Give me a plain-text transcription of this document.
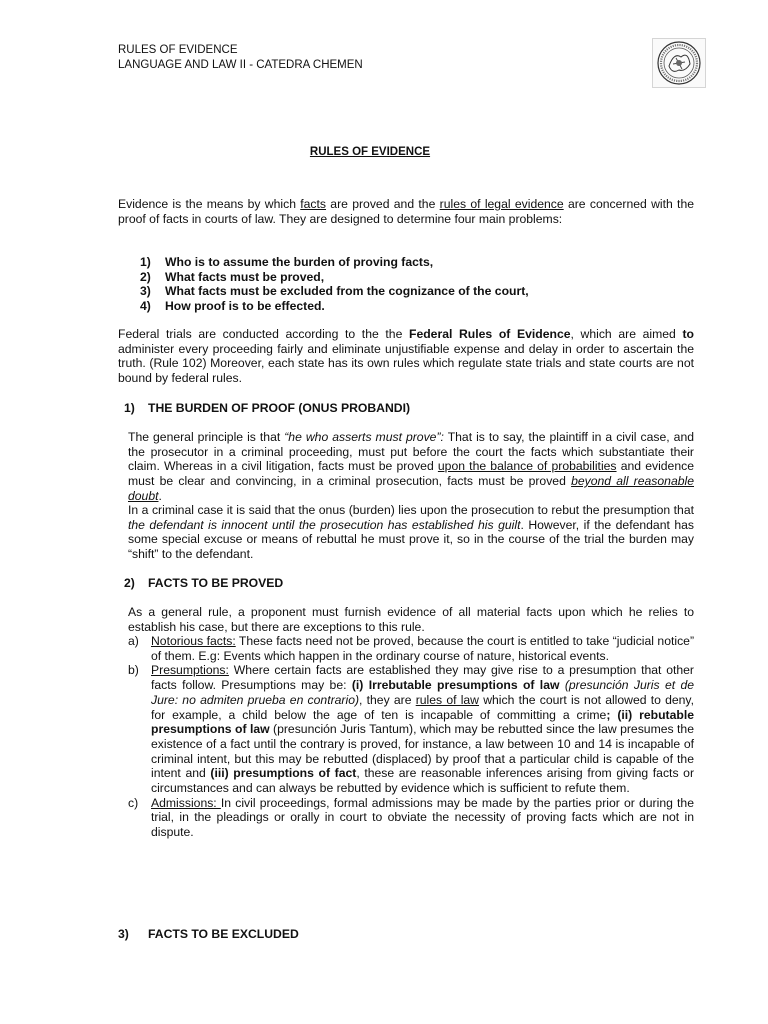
RULES OF EVIDENCE
LANGUAGE AND LAW II - CATEDRA CHEMEN
RULES OF EVIDENCE

Evidence is the means by which facts are proved and the rules of legal evidence are concerned with the proof of facts in courts of law. They are designed to determine four main problems:

1)	Who is to assume the burden of proving facts,
2)	What facts must be proved,
3)	What facts must be excluded from the cognizance of the court,
4)	How proof is to be effected.

Federal trials are conducted according to the the Federal Rules of Evidence, which are aimed to administer every proceeding fairly and eliminate unjustifiable expense and delay in order to ascertain the truth. (Rule 102) Moreover, each state has its own rules which regulate state trials and state courts are not bound by federal rules.

1) THE BURDEN OF PROOF (ONUS PROBANDI)

The general principle is that “he who asserts must prove”: That is to say, the plaintiff in a civil case, and the prosecutor in a criminal proceeding, must put before the court the facts which substantiate their claim. Whereas in a civil litigation, facts must be proved upon the balance of probabilities and evidence must be clear and convincing, in a criminal prosecution, facts must be proved beyond all reasonable doubt.

In a criminal case it is said that the onus (burden) lies upon the prosecution to rebut the presumption that the defendant is innocent until the prosecution has established his guilt. However, if the defendant has some special excuse or means of rebuttal he must prove it, so in the course of the trial the burden may “shift” to the defendant.

2) FACTS TO BE PROVED

As a general rule, a proponent must furnish evidence of all material facts upon which he relies to establish his case, but there are exceptions to this rule.

a) Notorious facts: These facts need not be proved, because the court is entitled to take “judicial notice” of them. E.g: Events which happen in the ordinary course of nature, historical events.
b) Presumptions: Where certain facts are established they may give rise to a presumption that other facts follow. Presumptions may be: (i) Irrebutable presumptions of law (presunción Juris et de Jure: no admiten prueba en contrario), they are rules of law which the court is not allowed to deny, for example, a child below the age of ten is incapable of committing a crime; (ii) rebutable presumptions of law (presunción Juris Tantum), which may be rebutted since the law presumes the existence of a fact until the contrary is proved, for instance, a law between 10 and 14 is incapable of criminal intent, but this may be rebutted (displaced) by proof that a particular child is capable of the intent and (iii) presumptions of fact, these are reasonable inferences arising from giving facts or circumstances and can always be rebutted by evidence which is sufficient to refute them.
c)	Admissions: In civil proceedings, formal admissions may be made by the parties prior or during the trial, in the pleadings or orally in court to obviate the necessity of proving facts which are not in dispute.
3) FACTS TO BE EXCLUDED
